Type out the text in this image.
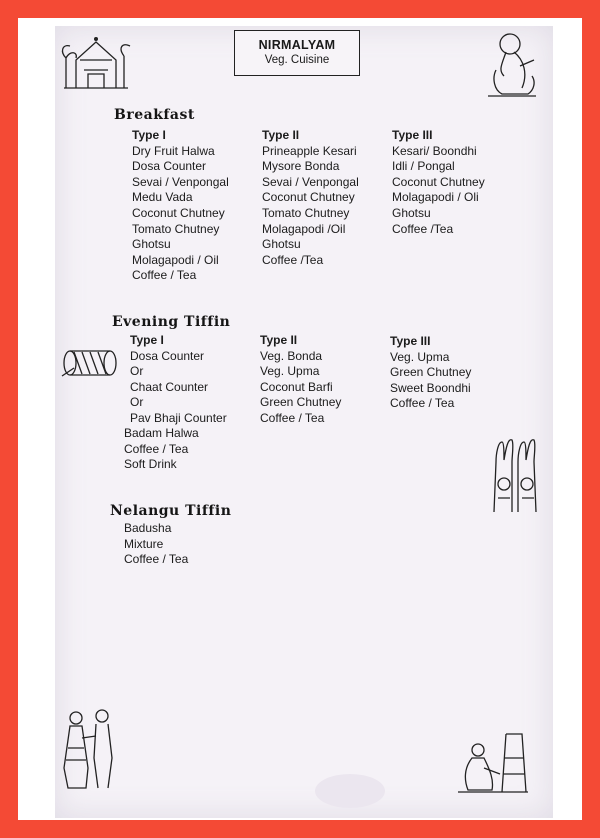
NIRMALYAM
Veg. Cuisine
Breakfast
Type I
Dry Fruit Halwa
Dosa Counter
Sevai / Venpongal
Medu Vada
Coconut Chutney
Tomato Chutney
Ghotsu
Molagapodi / Oil
Coffee / Tea
Type II
Prineapple Kesari
Mysore Bonda
Sevai / Venpongal
Coconut Chutney
Tomato Chutney
Molagapodi /Oil
Ghotsu
Coffee /Tea
Type III
Kesari/ Boondhi
Idli / Pongal
Coconut Chutney
Molagapodi / Oli
Ghotsu
Coffee /Tea
Evening Tiffin
Type I
Dosa Counter
Or
Chaat Counter
Or
Pav Bhaji Counter
Badam Halwa
Coffee / Tea
Soft Drink
Type II
Veg. Bonda
Veg. Upma
Coconut Barfi
Green Chutney
Coffee / Tea
Type III
Veg. Upma
Green Chutney
Sweet Boondhi
Coffee / Tea
Nelangu Tiffin
Badusha
Mixture
Coffee / Tea
